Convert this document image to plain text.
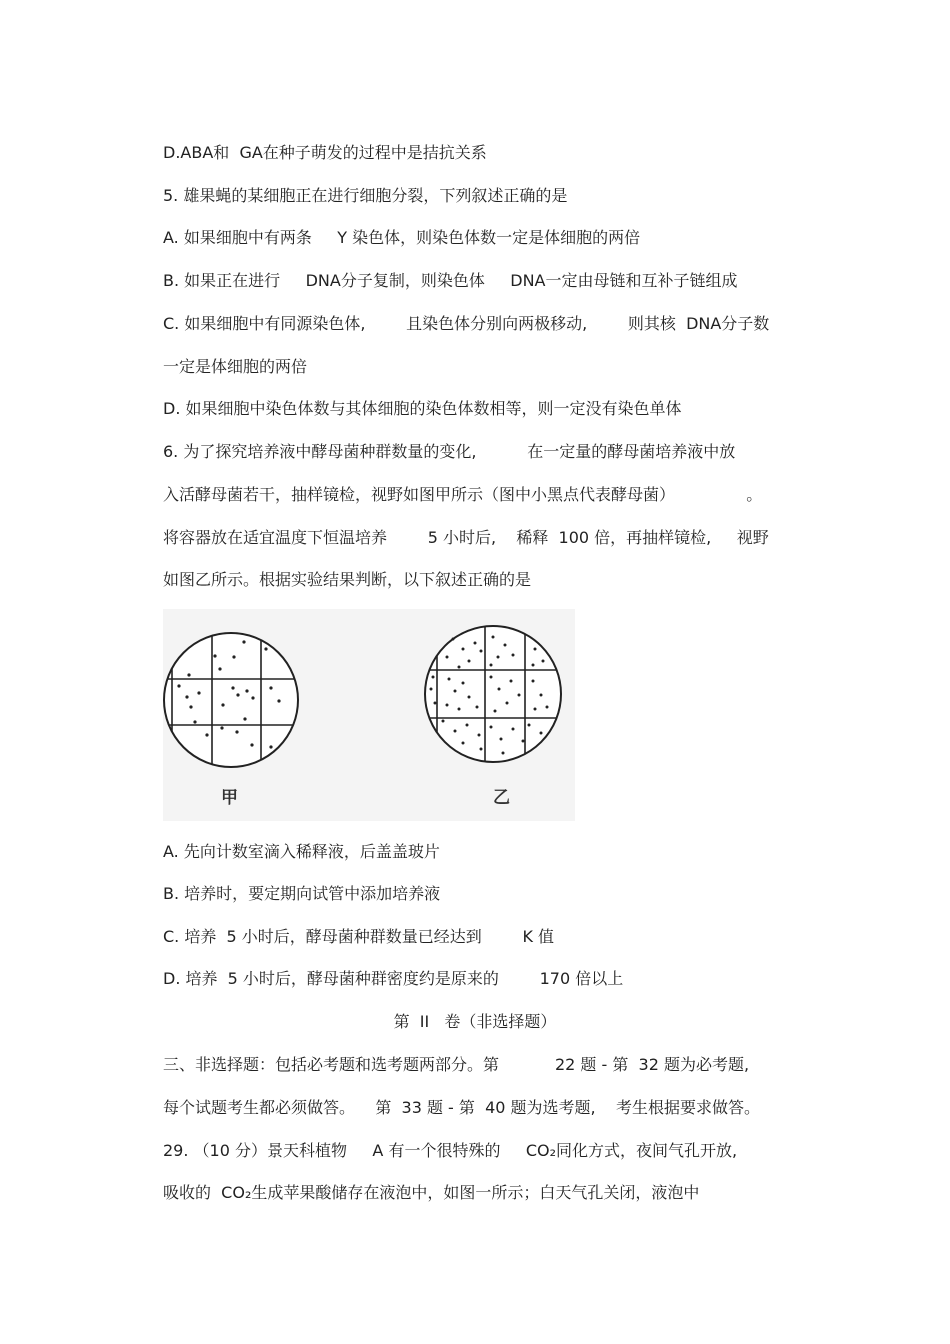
D.ABA和  GA在种子萌发的过程中是拮抗关系
5. 雄果蝇的某细胞正在进行细胞分裂，下列叙述正确的是
A. 如果细胞中有两条     Y 染色体，则染色体数一定是体细胞的两倍
B. 如果正在进行     DNA分子复制，则染色体     DNA一定由母链和互补子链组成
C. 如果细胞中有同源染色体,        且染色体分别向两极移动,        则其核  DNA分子数
一定是体细胞的两倍
D. 如果细胞中染色体数与其体细胞的染色体数相等，则一定没有染色单体
6. 为了探究培养液中酵母菌种群数量的变化,          在一定量的酵母菌培养液中放
入活酵母菌若干，抽样镜检，视野如图甲所示（图中小黑点代表酵母菌）              。
将容器放在适宜温度下恒温培养        5 小时后,    稀释  100 倍，再抽样镜检,     视野
如图乙所示。根据实验结果判断，以下叙述正确的是
甲	乙
A. 先向计数室滴入稀释液，后盖盖玻片
B. 培养时，要定期向试管中添加培养液
C. 培养  5 小时后，酵母菌种群数量已经达到        K 值
D. 培养  5 小时后，酵母菌种群密度约是原来的        170 倍以上
第  II   卷（非选择题）
三、非选择题：包括必考题和选考题两部分。第           22 题 - 第  32 题为必考题,
每个试题考生都必须做答。    第  33 题 - 第  40 题为选考题,    考生根据要求做答。
29. （10 分）景天科植物     A 有一个很特殊的     CO₂同化方式，夜间气孔开放,
吸收的  CO₂生成苹果酸储存在液泡中，如图一所示；白天气孔关闭，液泡中
